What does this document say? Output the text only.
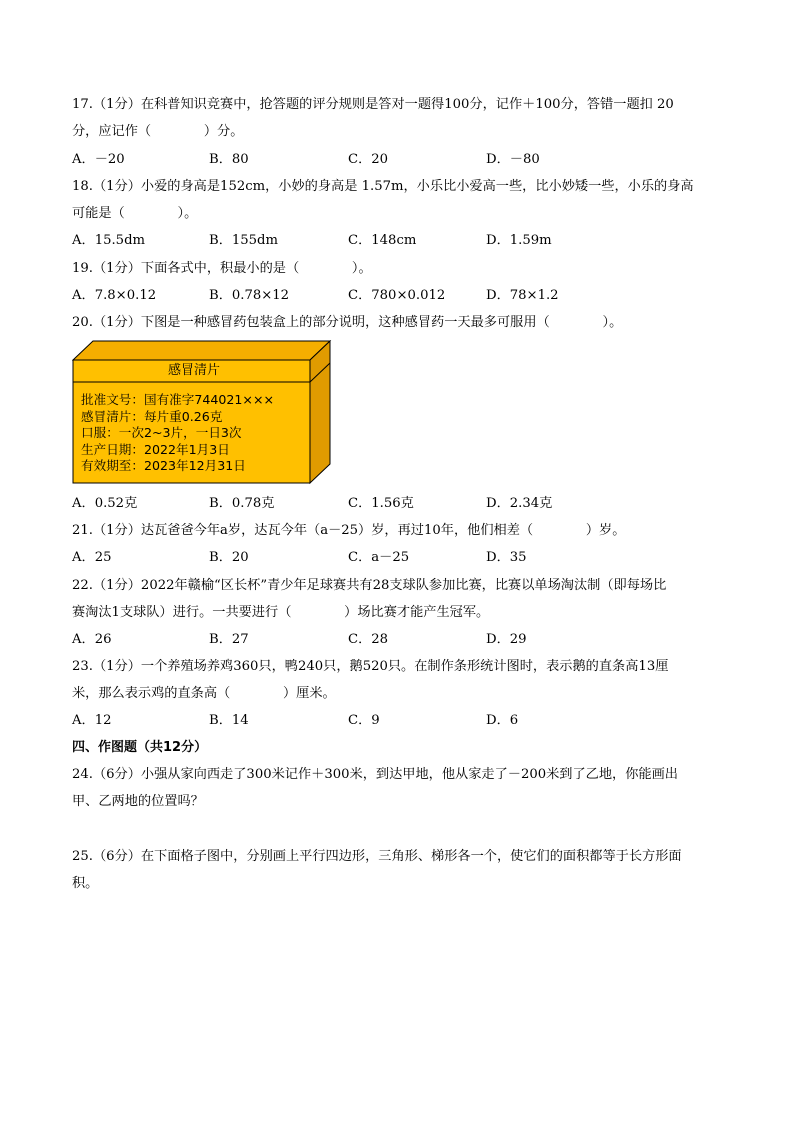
17.（1分）在科普知识竞赛中，抢答题的评分规则是答对一题得100分，记作＋100分，答错一题扣 20
分，应记作（　　　　）分。
A．－20	B．80	C．20	D．－80
18.（1分）小爱的身高是152cm，小妙的身高是 1.57m，小乐比小爱高一些，比小妙矮一些，小乐的身高
可能是（　　　　）。
A．15.5dm	B．155dm	C．148cm	D．1.59m
19.（1分）下面各式中，积最小的是（　　　　）。
A．7.8×0.12	B．0.78×12	C．780×0.012	D．78×1.2
20.（1分）下图是一种感冒药包装盒上的部分说明，这种感冒药一天最多可服用（　　　　）。
感冒清片
批准文号：国有准字744021×××
感冒清片：每片重0.26克
口服：一次2~3片，一日3次
生产日期：2022年1月3日
有效期至：2023年12月31日
A．0.52克	B．0.78克	C．1.56克	D．2.34克
21.（1分）达瓦爸爸今年a岁，达瓦今年（a－25）岁，再过10年，他们相差（　　　　）岁。
A．25	B．20	C．a－25	D．35
22.（1分）2022年赣榆“区长杯”青少年足球赛共有28支球队参加比赛，比赛以单场淘汰制（即每场比
赛淘汰1支球队）进行。一共要进行（　　　　）场比赛才能产生冠军。
A．26	B．27	C．28	D．29
23.（1分）一个养殖场养鸡360只，鸭240只，鹅520只。在制作条形统计图时，表示鹅的直条高13厘
米，那么表示鸡的直条高（　　　　）厘米。
A．12	B．14	C．9	D．6
四、作图题（共12分）
24.（6分）小强从家向西走了300米记作＋300米，到达甲地，他从家走了－200米到了乙地，你能画出
甲、乙两地的位置吗？
25.（6分）在下面格子图中，分别画上平行四边形，三角形、梯形各一个，使它们的面积都等于长方形面
积。
